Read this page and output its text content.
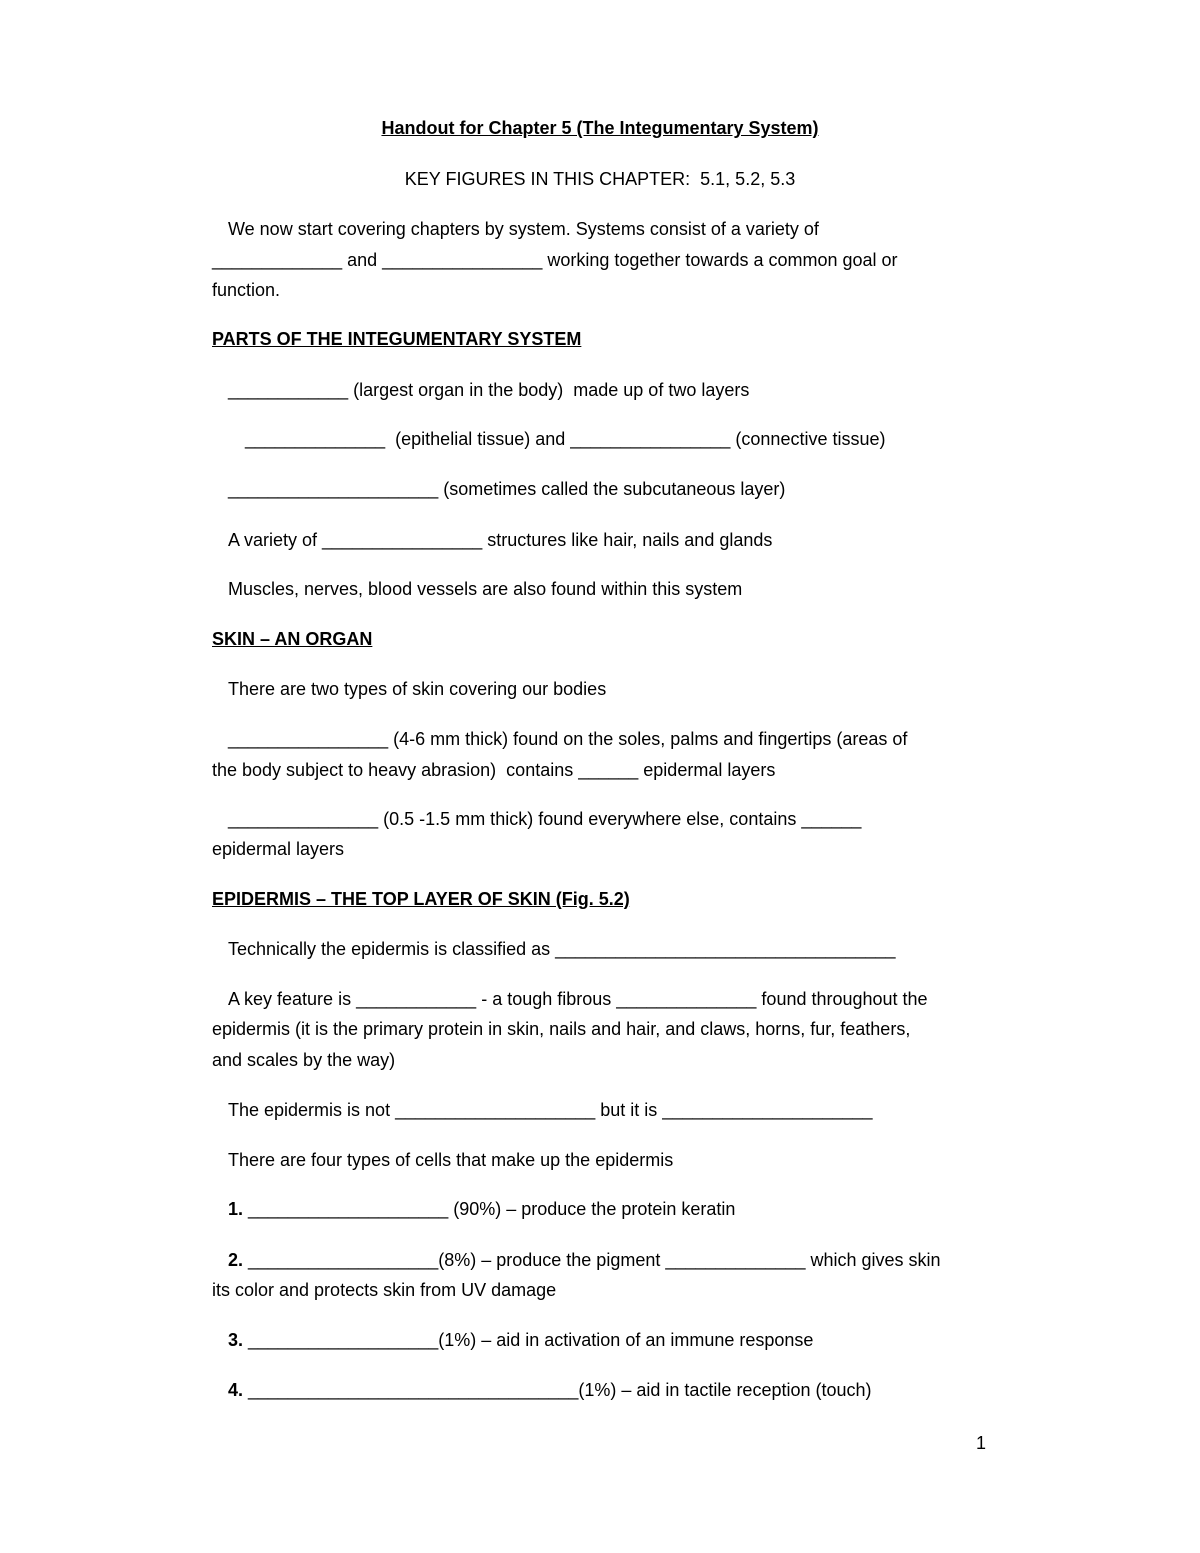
Handout for Chapter 5 (The Integumentary System)
KEY FIGURES IN THIS CHAPTER:  5.1, 5.2, 5.3
We now start covering chapters by system. Systems consist of a variety of
_____________ and ________________ working together towards a common goal or
function.
PARTS OF THE INTEGUMENTARY SYSTEM
____________ (largest organ in the body)  made up of two layers
______________  (epithelial tissue) and ________________ (connective tissue)
_____________________ (sometimes called the subcutaneous layer)
A variety of ________________ structures like hair, nails and glands
Muscles, nerves, blood vessels are also found within this system
SKIN – AN ORGAN
There are two types of skin covering our bodies
________________ (4-6 mm thick) found on the soles, palms and fingertips (areas of
the body subject to heavy abrasion)  contains ______ epidermal layers
_______________ (0.5 -1.5 mm thick) found everywhere else, contains ______
epidermal layers
EPIDERMIS – THE TOP LAYER OF SKIN (Fig. 5.2)
Technically the epidermis is classified as __________________________________
A key feature is ____________ - a tough fibrous ______________ found throughout the
epidermis (it is the primary protein in skin, nails and hair, and claws, horns, fur, feathers,
and scales by the way)
The epidermis is not ____________________ but it is _____________________
There are four types of cells that make up the epidermis
1. ____________________ (90%) – produce the protein keratin
2. ___________________(8%) – produce the pigment ______________ which gives skin
its color and protects skin from UV damage
3. ___________________(1%) – aid in activation of an immune response
4. _________________________________(1%) – aid in tactile reception (touch)
1
